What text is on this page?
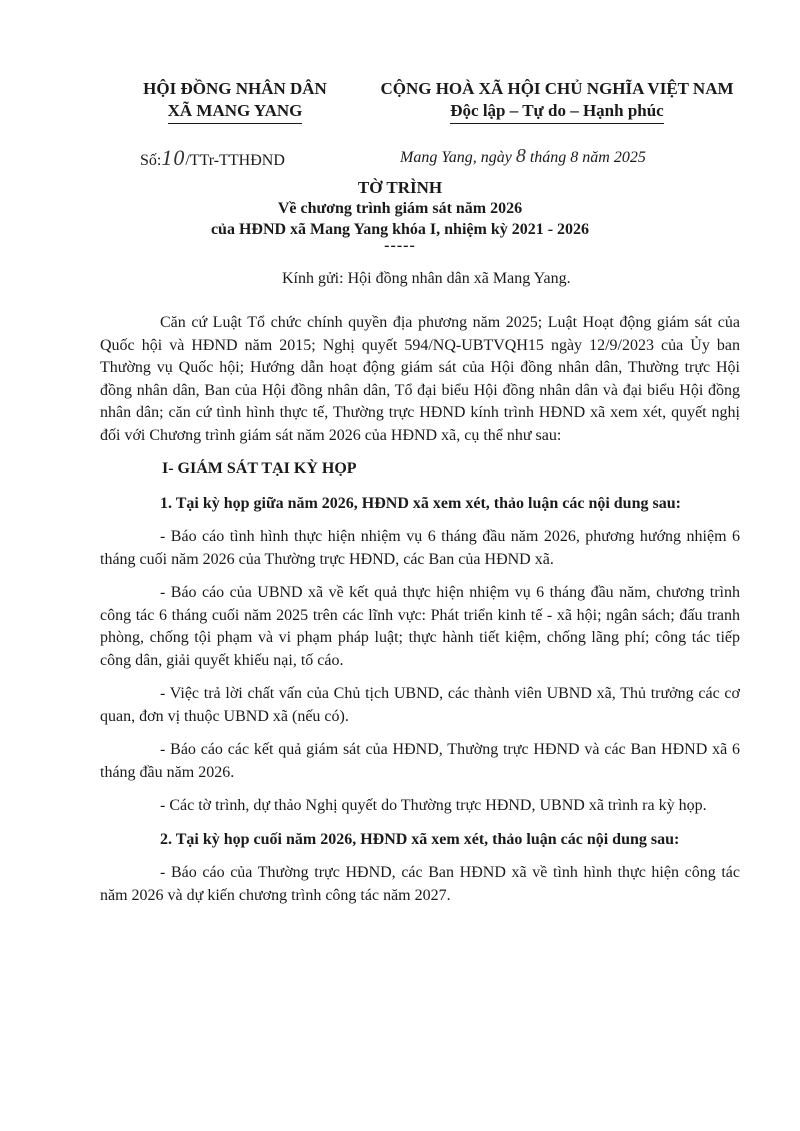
HỘI ĐỒNG NHÂN DÂN
XÃ MANG YANG
CỘNG HOÀ XÃ HỘI CHỦ NGHĨA VIỆT NAM
Độc lập – Tự do – Hạnh phúc
Số:10/TTr-TTHĐND	Mang Yang, ngày 8 tháng 8 năm 2025
TỜ TRÌNH
Về chương trình giám sát năm 2026
của HĐND xã Mang Yang khóa I, nhiệm kỳ 2021 - 2026
-----
Kính gửi: Hội đồng nhân dân xã Mang Yang.

Căn cứ Luật Tổ chức chính quyền địa phương năm 2025; Luật Hoạt động giám sát của Quốc hội và HĐND năm 2015; Nghị quyết 594/NQ-UBTVQH15 ngày 12/9/2023 của Ủy ban Thường vụ Quốc hội; Hướng dẫn hoạt động giám sát của Hội đồng nhân dân, Thường trực Hội đồng nhân dân, Ban của Hội đồng nhân dân, Tổ đại biểu Hội đồng nhân dân và đại biểu Hội đồng nhân dân; căn cứ tình hình thực tế, Thường trực HĐND kính trình HĐND xã xem xét, quyết nghị đối với Chương trình giám sát năm 2026 của HĐND xã, cụ thể như sau:

I- GIÁM SÁT TẠI KỲ HỌP
1. Tại kỳ họp giữa năm 2026, HĐND xã xem xét, thảo luận các nội dung sau:

- Báo cáo tình hình thực hiện nhiệm vụ 6 tháng đầu năm 2026, phương hướng nhiệm 6 tháng cuối năm 2026 của Thường trực HĐND, các Ban của HĐND xã.

- Báo cáo của UBND xã về kết quả thực hiện nhiệm vụ 6 tháng đầu năm, chương trình công tác 6 tháng cuối năm 2025 trên các lĩnh vực: Phát triển kinh tế - xã hội; ngân sách; đấu tranh phòng, chống tội phạm và vi phạm pháp luật; thực hành tiết kiệm, chống lãng phí; công tác tiếp công dân, giải quyết khiếu nại, tố cáo.

- Việc trả lời chất vấn của Chủ tịch UBND, các thành viên UBND xã, Thủ trưởng các cơ quan, đơn vị thuộc UBND xã (nếu có).

- Báo cáo các kết quả giám sát của HĐND, Thường trực HĐND và các Ban HĐND xã 6 tháng đầu năm 2026.

- Các tờ trình, dự thảo Nghị quyết do Thường trực HĐND, UBND xã trình ra kỳ họp.

2. Tại kỳ họp cuối năm 2026, HĐND xã xem xét, thảo luận các nội dung sau:

- Báo cáo của Thường trực HĐND, các Ban HĐND xã về tình hình thực hiện công tác năm 2026 và dự kiến chương trình công tác năm 2027.
